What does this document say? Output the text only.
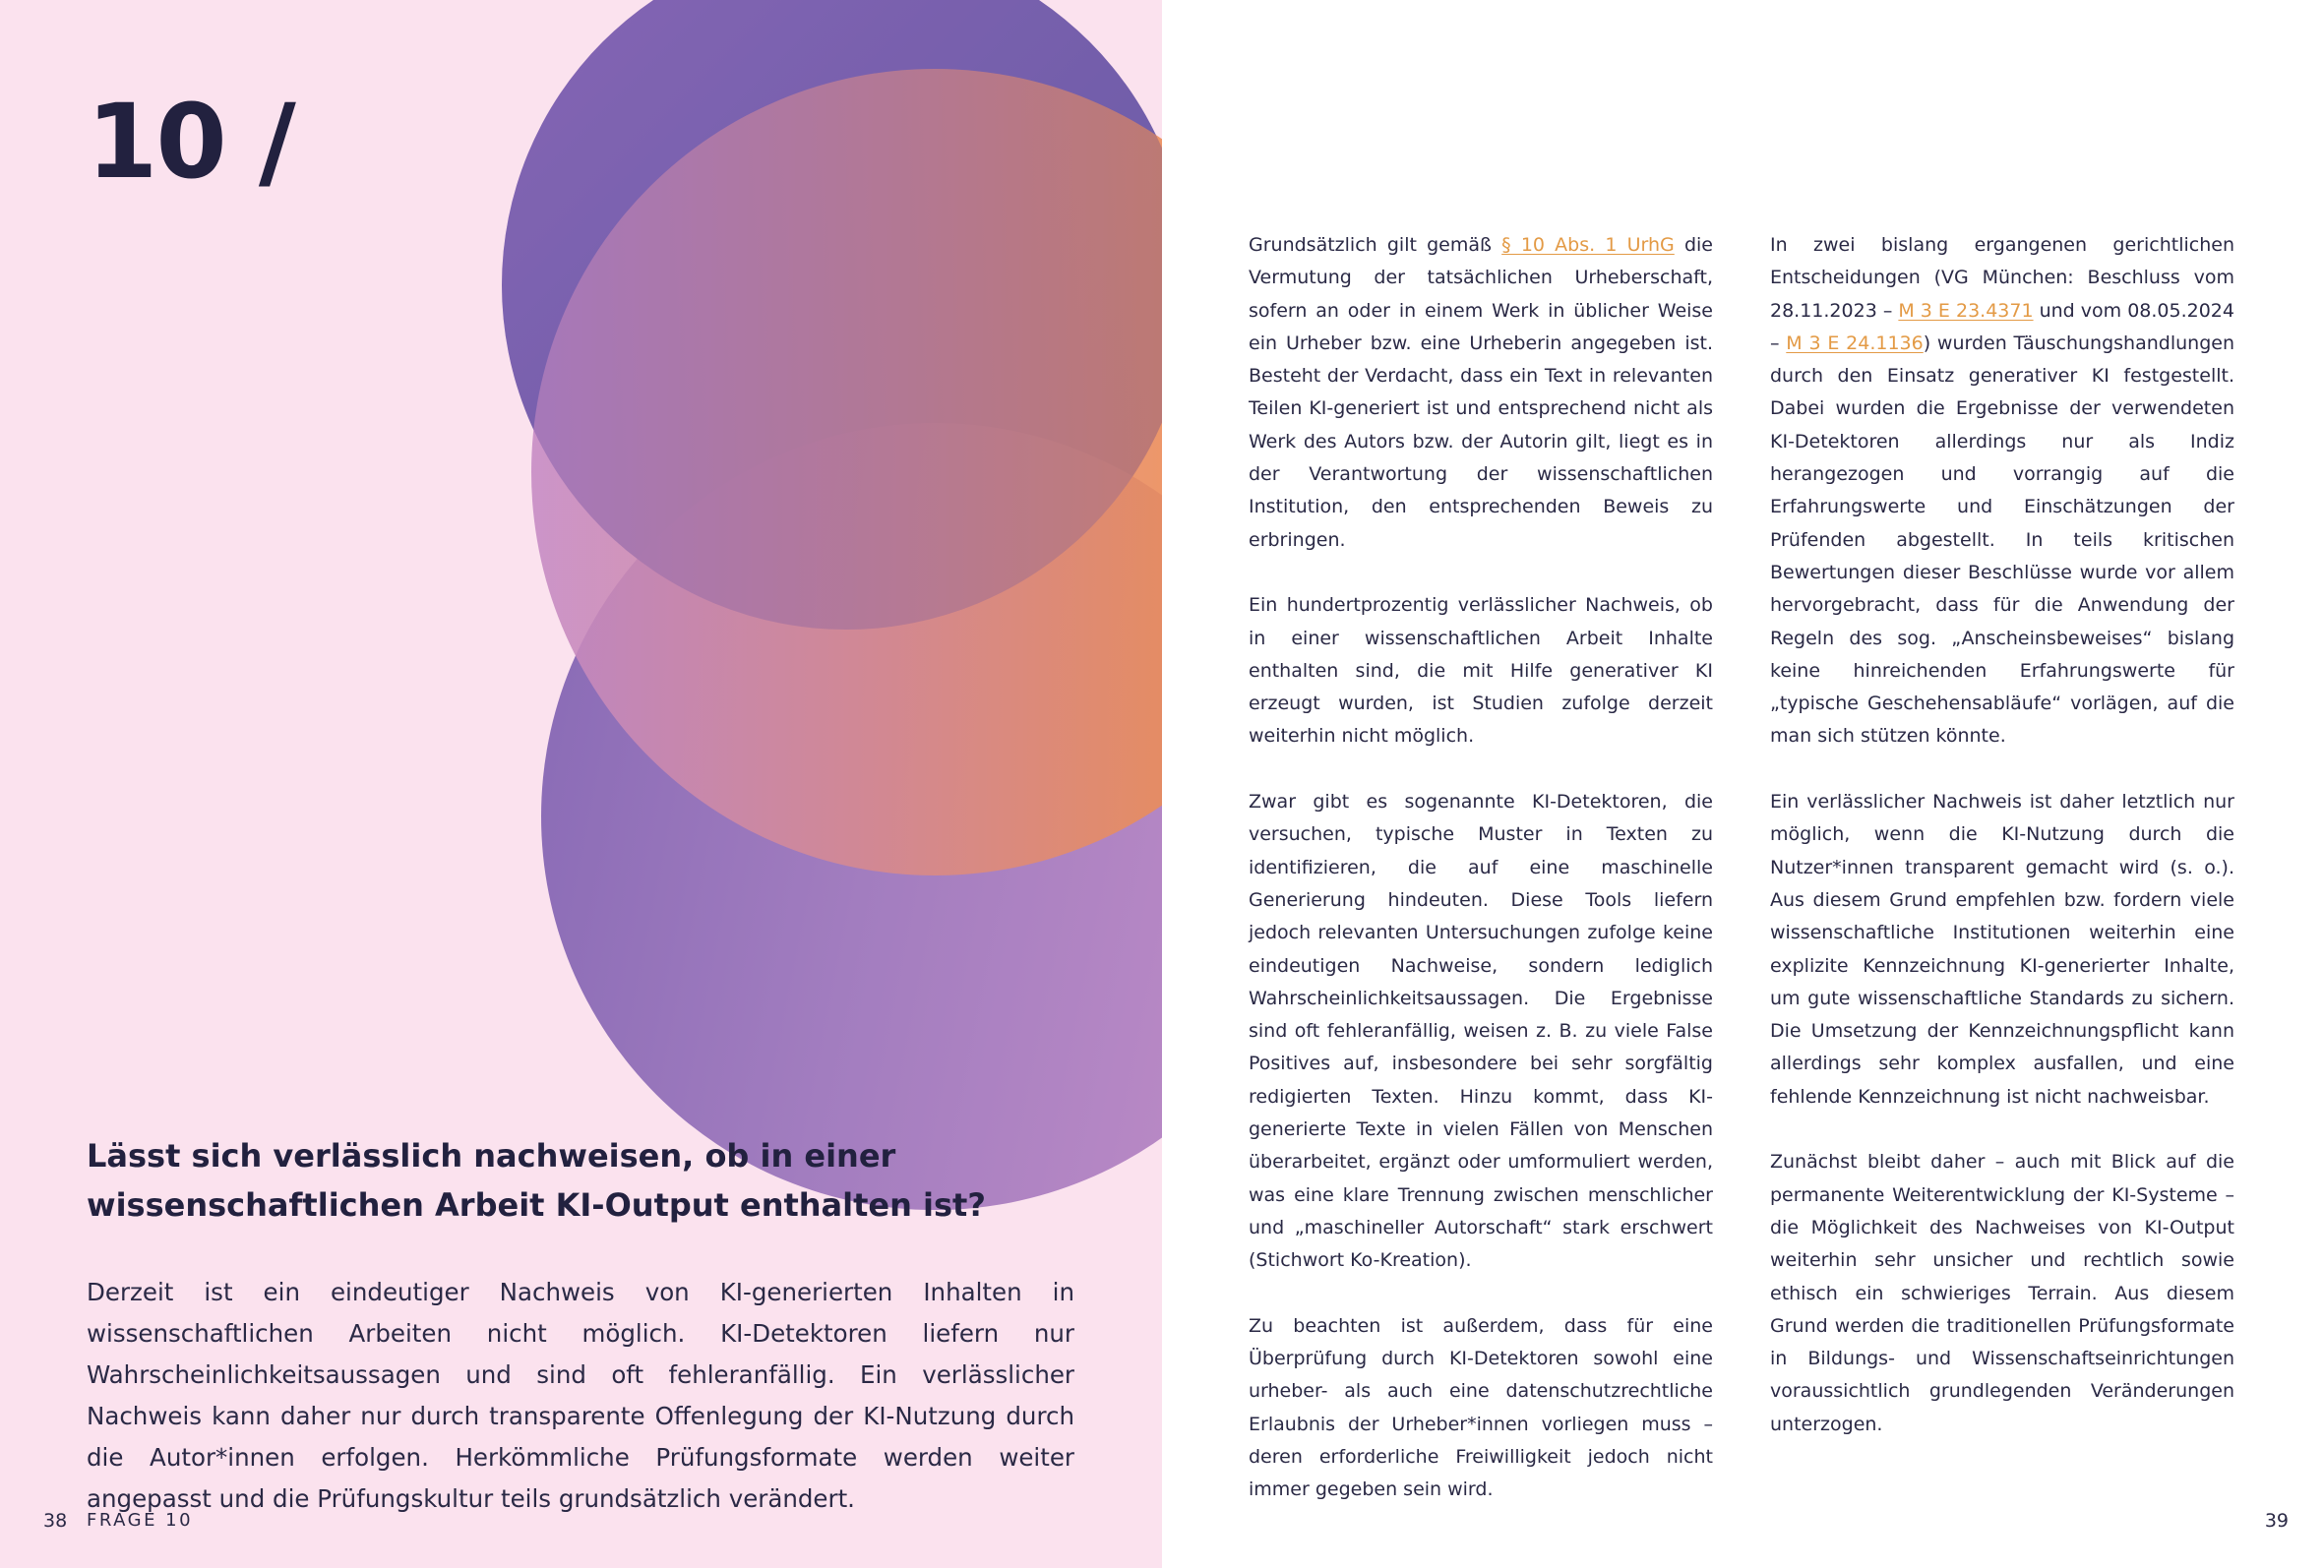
10 /
Lässt sich verlässlich nachweisen, ob in einer wissenschaftlichen Arbeit KI-Output enthalten ist?
Derzeit ist ein eindeutiger Nachweis von KI-generierten Inhalten in wissenschaftlichen Arbeiten nicht möglich. KI-Detektoren liefern nur Wahrscheinlichkeitsaussagen und sind oft fehleranfällig. Ein verlässlicher Nachweis kann daher nur durch transparente Offenlegung der KI-Nutzung durch die Autor*innen erfolgen. Herkömmliche Prüfungsformate werden weiter angepasst und die Prüfungskultur teils grundsätzlich verändert.
38 FRAGE 10

Grundsätzlich gilt gemäß § 10 Abs. 1 UrhG die Vermutung der tatsächlichen Urheberschaft, sofern an oder in einem Werk in üblicher Weise ein Urheber bzw. eine Urheberin angegeben ist. Besteht der Verdacht, dass ein Text in relevanten Teilen KI-generiert ist und entsprechend nicht als Werk des Autors bzw. der Autorin gilt, liegt es in der Verantwortung der wissenschaftlichen Institution, den entsprechenden Beweis zu erbringen.

Ein hundertprozentig verlässlicher Nachweis, ob in einer wissenschaftlichen Arbeit Inhalte enthalten sind, die mit Hilfe generativer KI erzeugt wurden, ist Studien zufolge derzeit weiterhin nicht möglich.

Zwar gibt es sogenannte KI-Detektoren, die versuchen, typische Muster in Texten zu identifizieren, die auf eine maschinelle Generierung hindeuten. Diese Tools liefern jedoch relevanten Untersuchungen zufolge keine eindeutigen Nachweise, sondern lediglich Wahrscheinlichkeitsaussagen. Die Ergebnisse sind oft fehleranfällig, weisen z. B. zu viele False Positives auf, insbesondere bei sehr sorgfältig redigierten Texten. Hinzu kommt, dass KI-generierte Texte in vielen Fällen von Menschen überarbeitet, ergänzt oder umformuliert werden, was eine klare Trennung zwischen menschlicher und „maschineller Autorschaft“ stark erschwert (Stichwort Ko-Kreation).

Zu beachten ist außerdem, dass für eine Überprüfung durch KI-Detektoren sowohl eine urheber- als auch eine datenschutzrechtliche Erlaubnis der Urheber*innen vorliegen muss – deren erforderliche Freiwilligkeit jedoch nicht immer gegeben sein wird.

In zwei bislang ergangenen gerichtlichen Entscheidungen (VG München: Beschluss vom 28.11.2023 – M 3 E 23.4371 und vom 08.05.2024 – M 3 E 24.1136) wurden Täuschungshandlungen durch den Einsatz generativer KI festgestellt. Dabei wurden die Ergebnisse der verwendeten KI-Detektoren allerdings nur als Indiz herangezogen und vorrangig auf die Erfahrungswerte und Einschätzungen der Prüfenden abgestellt. In teils kritischen Bewertungen dieser Beschlüsse wurde vor allem hervorgebracht, dass für die Anwendung der Regeln des sog. „Anscheinsbeweises“ bislang keine hinreichenden Erfahrungswerte für „typische Geschehensabläufe“ vorlägen, auf die man sich stützen könnte.

Ein verlässlicher Nachweis ist daher letztlich nur möglich, wenn die KI-Nutzung durch die Nutzer*innen transparent gemacht wird (s. o.). Aus diesem Grund empfehlen bzw. fordern viele wissenschaftliche Institutionen weiterhin eine explizite Kennzeichnung KI-generierter Inhalte, um gute wissenschaftliche Standards zu sichern. Die Umsetzung der Kennzeichnungspflicht kann allerdings sehr komplex ausfallen, und eine fehlende Kennzeichnung ist nicht nachweisbar.

Zunächst bleibt daher – auch mit Blick auf die permanente Weiterentwicklung der KI-Systeme – die Möglichkeit des Nachweises von KI-Output weiterhin sehr unsicher und rechtlich sowie ethisch ein schwieriges Terrain. Aus diesem Grund werden die traditionellen Prüfungsformate in Bildungs- und Wissenschaftseinrichtungen voraussichtlich grundlegenden Veränderungen unterzogen.

39
